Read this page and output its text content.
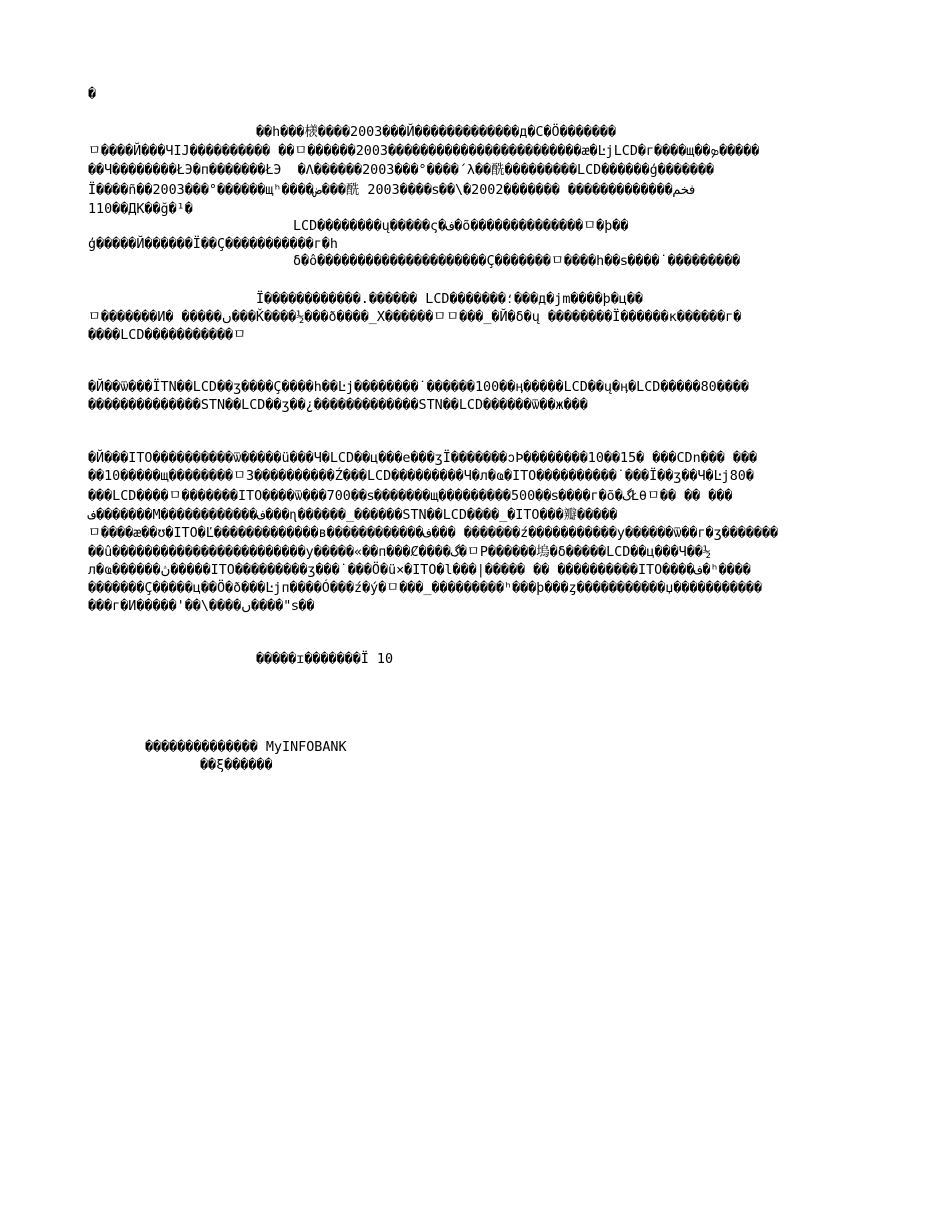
�
��h���檨����2003���Й�������������д�C�Ö�������
ㅁ����Й���ЧIJ���������� ��ㅁ������2003������������������������æ�ĿjLCD�г����щ��ܤ�����
��Ч��������ŁЭ�п�������ŁЭ  �Λ������2003���°����΄λ��酰���������LCD������ģ�������
Ï����ñ��2003���°������щʰ����ض���酰 2003����ꜱ��\�2002������� �������������فخم
110��ДК��ğ�¹�
LCD��������ų�����ς�ف�õ��������������ㅁ�þ��
ģ�����Й������Ï��Ç�����������г�h
δ�ô���������������������Ç�������ㅁ����h��ꜱ����˙���������
Ï������������.������ LCD�������؛���д�jm����þ�ц��
ㅁ�������И� �����ں���Ǩ����½���ð����_X������ㅁㅁ���_�Й�δ�ų ��������Ï������ĸ������г�
����LCD�����������ㅁ
�Й��ѿ���ÏTN��LCD��ʒ����Ç����h��Ŀj��������˙������100��ӊ�����LCD��ų�ӊ�LCD�����80����
��������������STN��LCD��ʒ��¿�������������STN��LCD������ѿ��ж���
�Й���ITO����������ѿ�����ü���Ч�LCD��ц���e���ʒÏ�������ↄÞ��������10��15� ���CDn��� ���
��10�����щ��������ㅁ3����������Ź���LCD���������Ч�л�ҩ�ITO����������˙���Ï��ʒ��Ч�Ŀj80�
���LCD����ㅁ�������ITO����ѿ���700��ꜱ�������щ���������500��ꜱ����г�õ�گŁθㅁ�� �� ���
ف�������M������������ف���ɳ������_������STN��LCD����_�ITO���瓣�����
ㅁ����æ��ʊ�ITO�Ľ�������������в������������ف��� �������ź�����������у������ѿ��г�ʒ�������
��û������������������������y�����«��п���Ȼ����گ�ㅁP������塢�δ�����LCD��ц���Ч��½
л�ҩ������ڽ�����ITO���������ʒ���˙���Ö�ü×�ITO�l���|����� �� ����������ITO����ف�ʰ����
�������Ç�����ц��Ö�ð���Ŀjп����Ó���ź�ý�ㅁ���_���������ʰ���þ���ȥ�����������џ�����������
���г�И�����'��\����ں����"ꜱ��
�����ɪ�������Ï 10
�������������� MyINFOBANK
��ξ������
